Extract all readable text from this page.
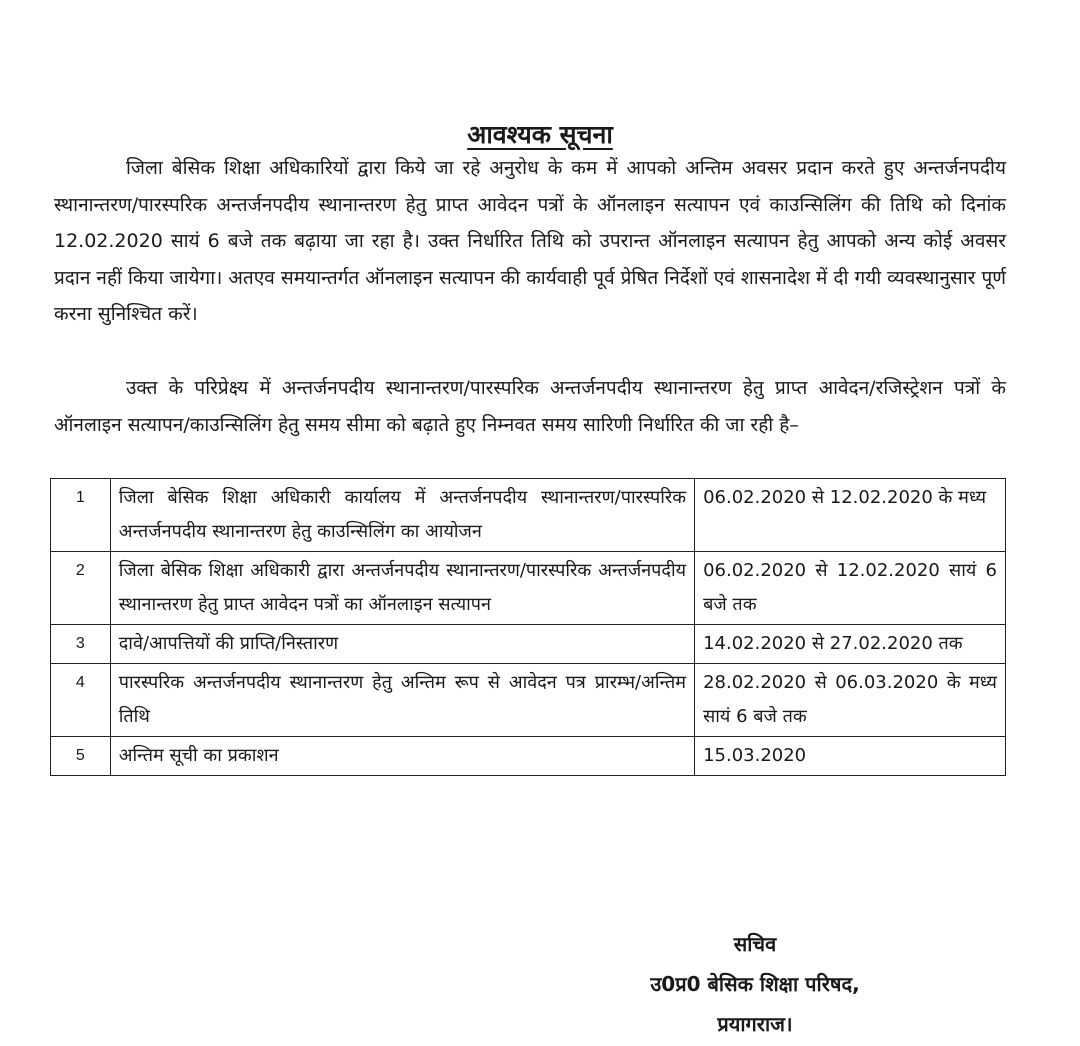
आवश्यक सूचना
जिला बेसिक शिक्षा अधिकारियों द्वारा किये जा रहे अनुरोध के कम में आपको अन्तिम अवसर प्रदान करते हुए अन्तर्जनपदीय स्थानान्तरण/पारस्परिक अन्तर्जनपदीय स्थानान्तरण हेतु प्राप्त आवेदन पत्रों के ऑनलाइन सत्यापन एवं काउन्सिलिंग की तिथि को दिनांक 12.02.2020 सायं 6 बजे तक बढ़ाया जा रहा है। उक्त निर्धारित तिथि को उपरान्त ऑनलाइन सत्यापन हेतु आपको अन्य कोई अवसर प्रदान नहीं किया जायेगा। अतएव समयान्तर्गत ऑनलाइन सत्यापन की कार्यवाही पूर्व प्रेषित निर्देशों एवं शासनादेश में दी गयी व्यवस्थानुसार पूर्ण करना सुनिश्चित करें।
उक्त के परिप्रेक्ष्य में अन्तर्जनपदीय स्थानान्तरण/पारस्परिक अन्तर्जनपदीय स्थानान्तरण हेतु प्राप्त आवेदन/रजिस्ट्रेशन पत्रों के ऑनलाइन सत्यापन/काउन्सिलिंग हेतु समय सीमा को बढ़ाते हुए निम्नवत समय सारिणी निर्धारित की जा रही है–
1	जिला बेसिक शिक्षा अधिकारी कार्यालय में अन्तर्जनपदीय स्थानान्तरण/पारस्परिक अन्तर्जनपदीय स्थानान्तरण हेतु काउन्सिलिंग का आयोजन	06.02.2020 से 12.02.2020 के मध्य
2	जिला बेसिक शिक्षा अधिकारी द्वारा अन्तर्जनपदीय स्थानान्तरण/पारस्परिक अन्तर्जनपदीय स्थानान्तरण हेतु प्राप्त आवेदन पत्रों का ऑनलाइन सत्यापन	06.02.2020 से 12.02.2020 सायं 6 बजे तक
3	दावे/आपत्तियों की प्राप्ति/निस्तारण	14.02.2020 से 27.02.2020 तक
4	पारस्परिक अन्तर्जनपदीय स्थानान्तरण हेतु अन्तिम रूप से आवेदन पत्र प्रारम्भ/अन्तिम तिथि	28.02.2020 से 06.03.2020 के मध्य सायं 6 बजे तक
5	अन्तिम सूची का प्रकाशन	15.03.2020
सचिव
उ0प्र0 बेसिक शिक्षा परिषद,
प्रयागराज।
